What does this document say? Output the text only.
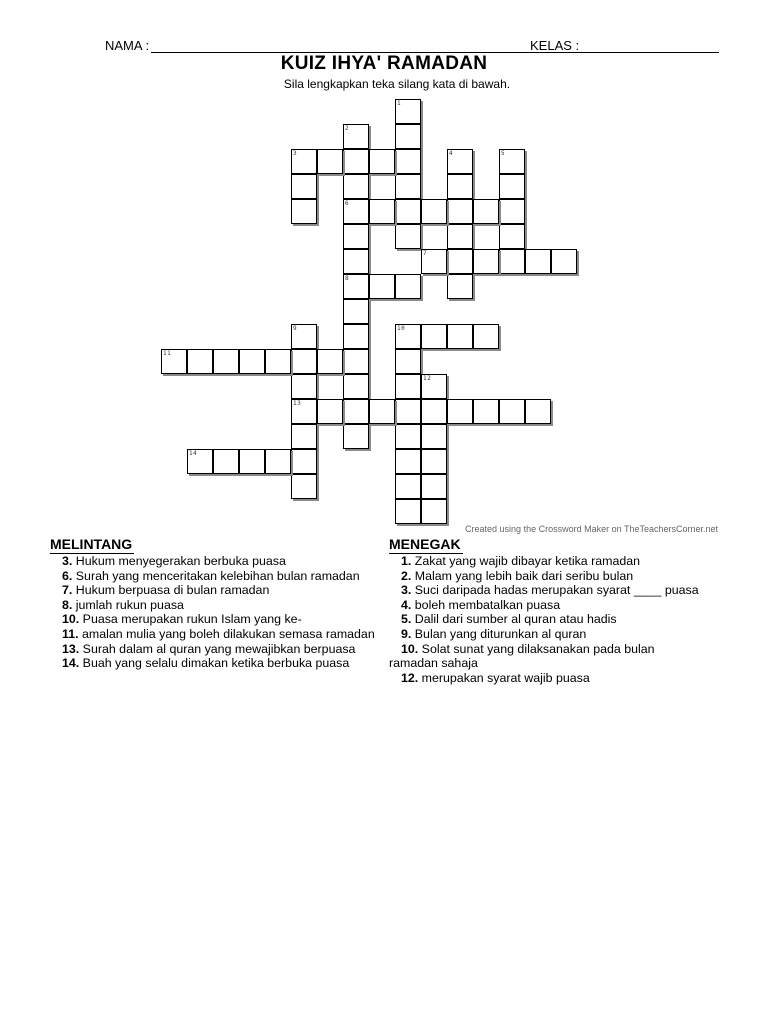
NAMA :	KELAS :
KUIZ IHYA' RAMADAN
Sila lengkapkan teka silang kata di bawah.
1
2
6
8
3	4	5
7
9
13
10
11
12
14
Created using the Crossword Maker on TheTeachersCorner.net
MELINTANG
3. Hukum menyegerakan berbuka puasa
6. Surah yang menceritakan kelebihan bulan ramadan
7. Hukum berpuasa di bulan ramadan
8. jumlah rukun puasa
10. Puasa merupakan rukun Islam yang ke-
11. amalan mulia yang boleh dilakukan semasa ramadan
13. Surah dalam al quran yang mewajibkan berpuasa
14. Buah yang selalu dimakan ketika berbuka puasa
MENEGAK
1. Zakat yang wajib dibayar ketika ramadan
2. Malam yang lebih baik dari seribu bulan
3. Suci daripada hadas merupakan syarat ____ puasa
4. boleh membatalkan puasa
5. Dalil dari sumber al quran atau hadis
9. Bulan yang diturunkan al quran
10. Solat sunat yang dilaksanakan pada bulan ramadan sahaja
12. merupakan syarat wajib puasa
